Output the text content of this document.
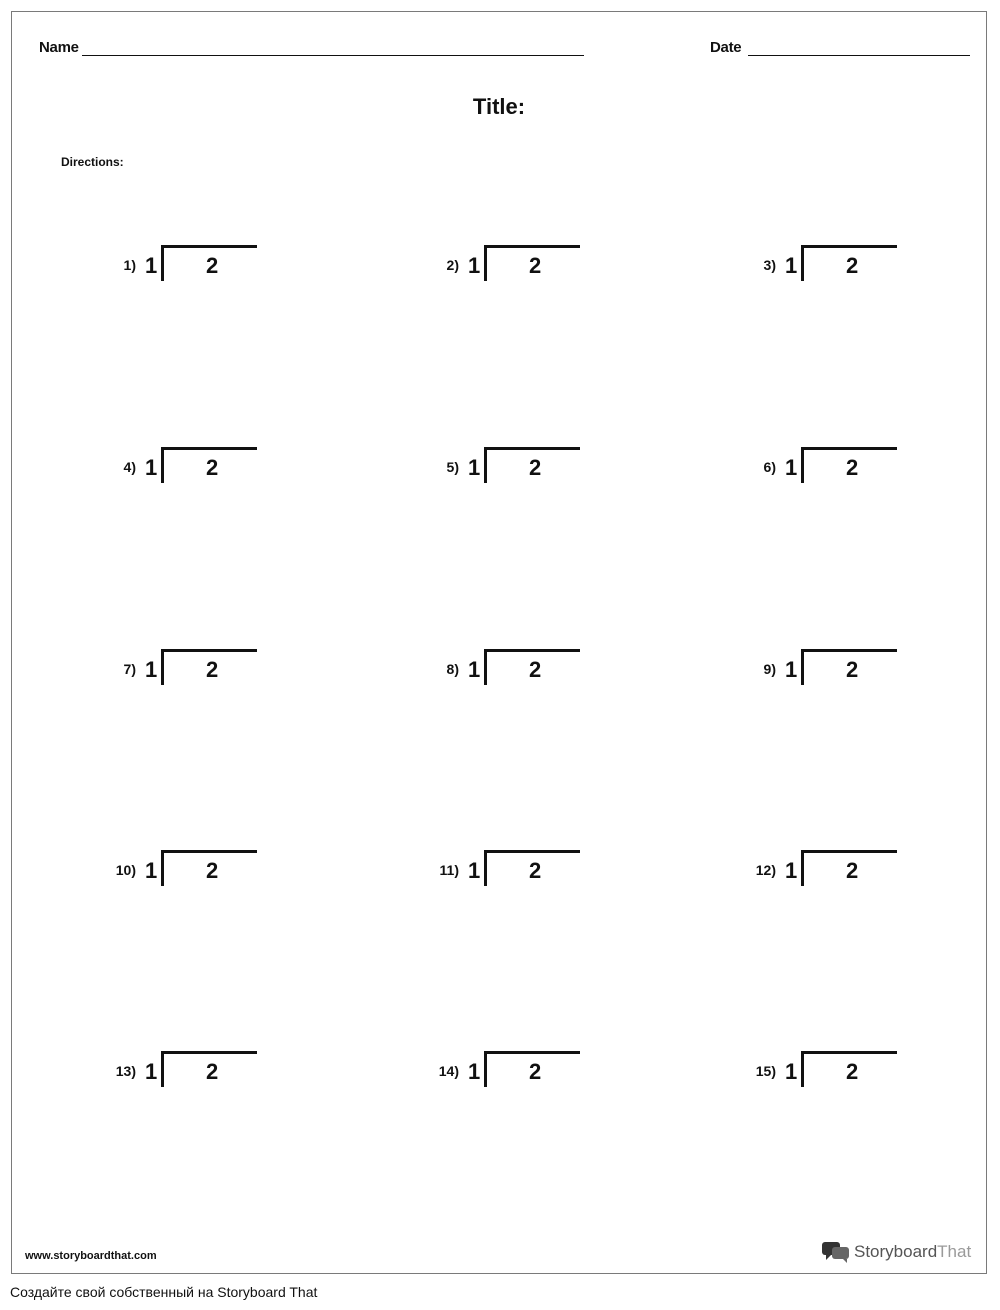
Name	Date
Title:
Directions:
1) 1 2	2) 1 2	3) 1 2
4) 1 2	5) 1 2	6) 1 2
7) 1 2	8) 1 2	9) 1 2
10) 1 2	11) 1 2	12) 1 2
13) 1 2	14) 1 2	15) 1 2
www.storyboardthat.com	StoryboardThat
Создайте свой собственный на Storyboard That
